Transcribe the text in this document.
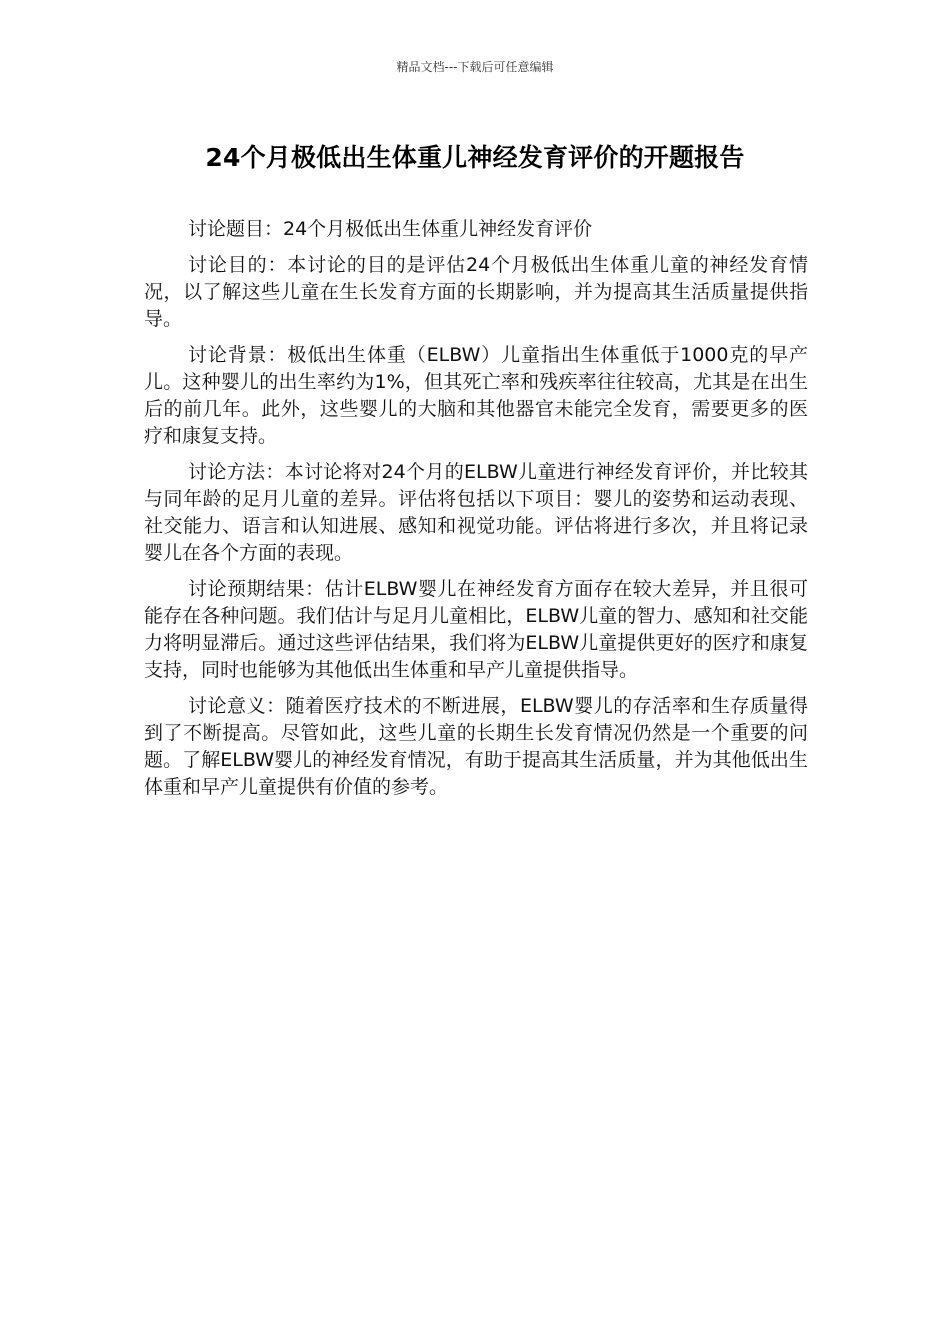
精品文档---下载后可任意编辑
24个月极低出生体重儿神经发育评价的开题报告

讨论题目：24个月极低出生体重儿神经发育评价

讨论目的：本讨论的目的是评估24个月极低出生体重儿童的神经发育情况，以了解这些儿童在生长发育方面的长期影响，并为提高其生活质量提供指导。

讨论背景：极低出生体重（ELBW）儿童指出生体重低于1000克的早产儿。这种婴儿的出生率约为1%，但其死亡率和残疾率往往较高，尤其是在出生后的前几年。此外，这些婴儿的大脑和其他器官未能完全发育，需要更多的医疗和康复支持。

讨论方法：本讨论将对24个月的ELBW儿童进行神经发育评价，并比较其与同年龄的足月儿童的差异。评估将包括以下项目：婴儿的姿势和运动表现、社交能力、语言和认知进展、感知和视觉功能。评估将进行多次，并且将记录婴儿在各个方面的表现。

讨论预期结果：估计ELBW婴儿在神经发育方面存在较大差异，并且很可能存在各种问题。我们估计与足月儿童相比，ELBW儿童的智力、感知和社交能力将明显滞后。通过这些评估结果，我们将为ELBW儿童提供更好的医疗和康复支持，同时也能够为其他低出生体重和早产儿童提供指导。

讨论意义：随着医疗技术的不断进展，ELBW婴儿的存活率和生存质量得到了不断提高。尽管如此，这些儿童的长期生长发育情况仍然是一个重要的问题。了解ELBW婴儿的神经发育情况，有助于提高其生活质量，并为其他低出生体重和早产儿童提供有价值的参考。
